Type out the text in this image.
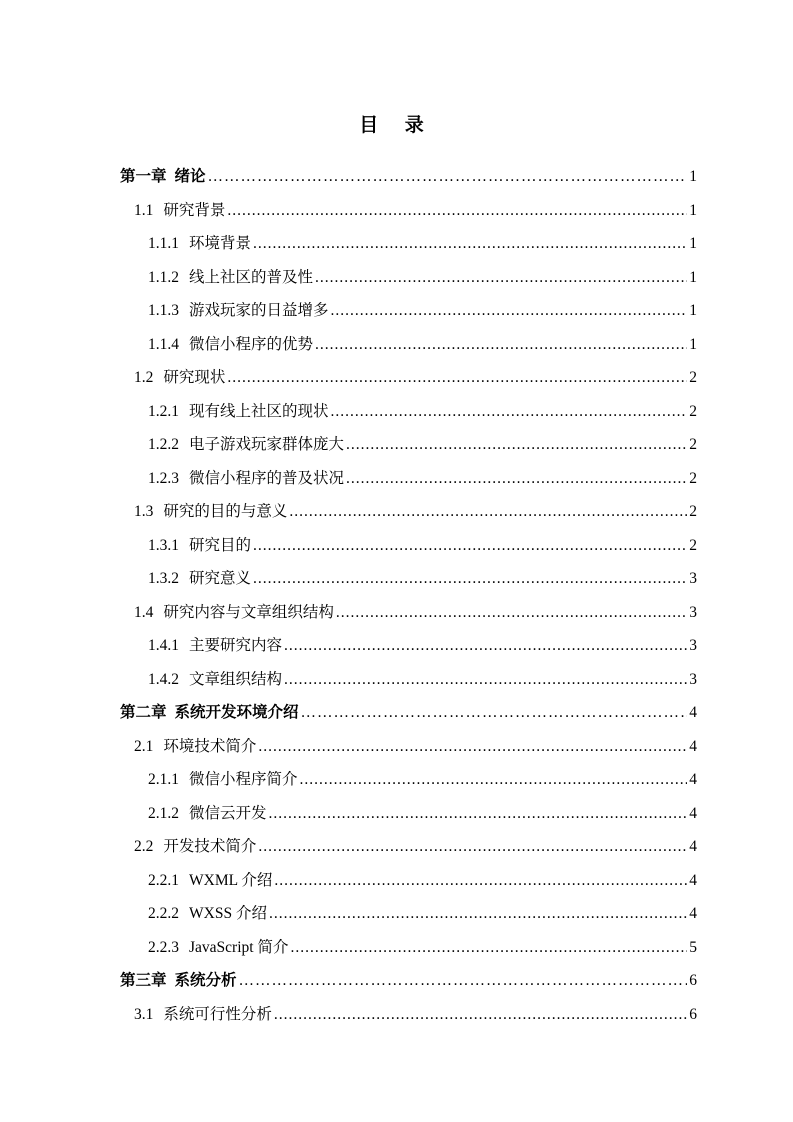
目 录
第一章 绪论 …………………………………………………………………………………………………………………………………………………………	1
1.1 研究背景 .....	1
1.1.1 环境背景 .....	1
1.1.2 线上社区的普及性 .....	1
1.1.3 游戏玩家的日益增多 .....	1
1.1.4 微信小程序的优势 .....	1
1.2 研究现状 .....	2
1.2.1 现有线上社区的现状 .....	2
1.2.2 电子游戏玩家群体庞大 .....	2
1.2.3 微信小程序的普及状况 .....	2
1.3 研究的目的与意义 .....	2
1.3.1 研究目的 .....	2
1.3.2 研究意义 .....	3
1.4 研究内容与文章组织结构 .....	3
1.4.1 主要研究内容 .....	3
1.4.2 文章组织结构 .....	3
第二章 系统开发环境介绍 …………………………………………………………………………………………………………………………………………………………	4
2.1 环境技术简介 .....	4
2.1.1 微信小程序简介 .....	4
2.1.2 微信云开发 .....	4
2.2 开发技术简介 .....	4
2.2.1 WXML 介绍 .....	4
2.2.2 WXSS 介绍 .....	4
2.2.3 JavaScript 简介 .....	5
第三章 系统分析 …………………………………………………………………………………………………………………………………………………………	6
3.1 系统可行性分析 .....	6
